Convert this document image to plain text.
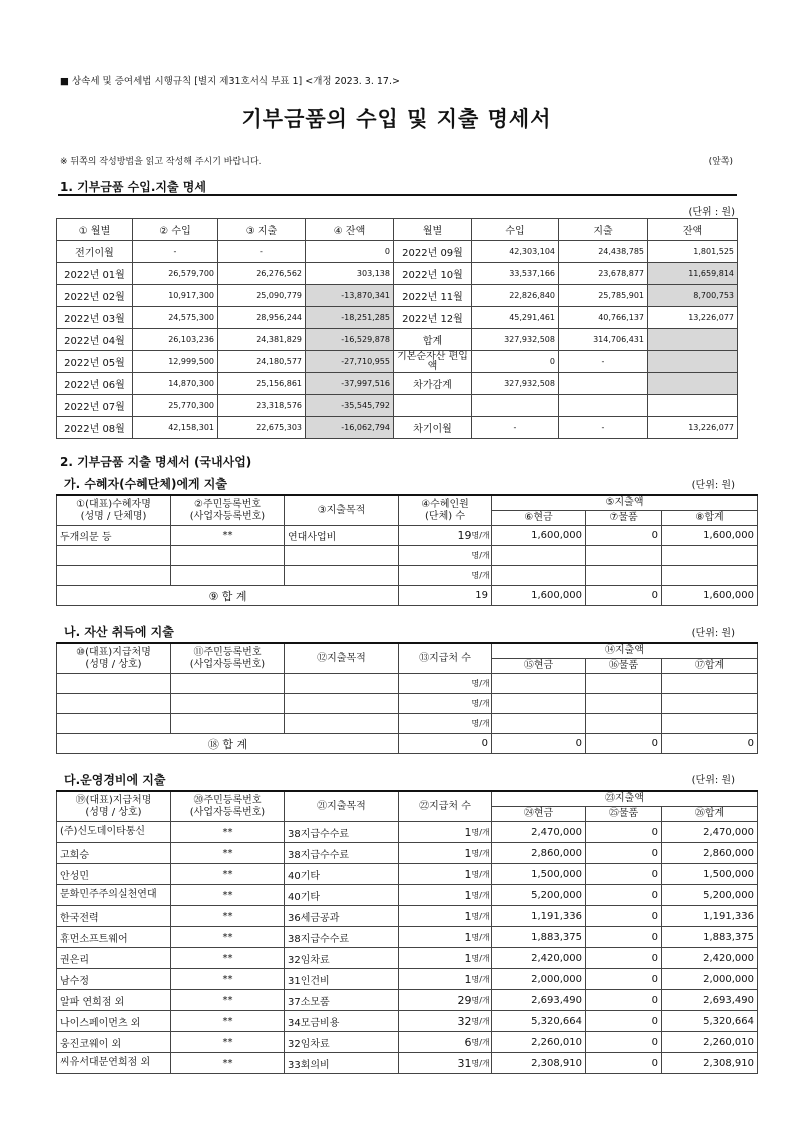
■ 상속세 및 증여세법 시행규칙 [별지 제31호서식 부표 1] <개정 2023. 3. 17.>
기부금품의 수입 및 지출 명세서
※ 뒤쪽의 작성방법을 읽고 작성해 주시기 바랍니다.	(앞쪽)
1. 기부금품 수입.지출 명세
(단위 : 원)
① 월별	② 수입	③ 지출	④ 잔액	월별	수입	지출	잔액
전기이월	-	-	0	2022년 09월	42,303,104	24,438,785	1,801,525
2022년 01월	26,579,700	26,276,562	303,138	2022년 10월	33,537,166	23,678,877	11,659,814
2022년 02월	10,917,300	25,090,779	-13,870,341	2022년 11월	22,826,840	25,785,901	8,700,753
2022년 03월	24,575,300	28,956,244	-18,251,285	2022년 12월	45,291,461	40,766,137	13,226,077
2022년 04월	26,103,236	24,381,829	-16,529,878	합계	327,932,508	314,706,431	
2022년 05월	12,999,500	24,180,577	-27,710,955	기본순자산 편입액	0	-	
2022년 06월	14,870,300	25,156,861	-37,997,516	차가감계	327,932,508		
2022년 07월	25,770,300	23,318,576	-35,545,792				
2022년 08월	42,158,301	22,675,303	-16,062,794	차기이월	-	-	13,226,077
2. 기부금품 지출 명세서 (국내사업)
가. 수혜자(수혜단체)에게 지출	(단위: 원)
①(대표)수혜자명
(성명 / 단체명)	②주민등록번호
(사업자등록번호)	③지출목적	④수혜인원
(단체) 수		⑤지출액		
					⑥현금	⑦물품	⑧합계
두개의문 등	**	연대사업비	19	명/개	1,600,000	0	1,600,000
				명/개			
				명/개			
⑨ 합 계			19		1,600,000	0	1,600,000
나. 자산 취득에 지출	(단위: 원)
⑩(대표)지급처명
(성명 / 상호)	⑪주민등록번호
(사업자등록번호)	⑫지출목적	⑬지급처 수		⑭지출액		
					⑮현금	⑯물품	⑰합계
				명/개			
				명/개			
				명/개			
⑱ 합 계			0		0	0	0
다.운영경비에 지출	(단위: 원)
⑲(대표)지급처명
(성명 / 상호)	⑳주민등록번호
(사업자등록번호)	㉑지출목적	㉒지급처 수		㉓지출액		
					㉔현금	㉕물품	㉖합계
(주)신도데이타통신	**	38지급수수료	1	명/개	2,470,000	0	2,470,000
고희승	**	38지급수수료	1	명/개	2,860,000	0	2,860,000
안성민	**	40기타	1	명/개	1,500,000	0	1,500,000
문화민주주의실천연대	**	40기타	1	명/개	5,200,000	0	5,200,000
한국전력	**	36세금공과	1	명/개	1,191,336	0	1,191,336
휴먼소프트웨어	**	38지급수수료	1	명/개	1,883,375	0	1,883,375
권은리	**	32임차료	1	명/개	2,420,000	0	2,420,000
남수정	**	31인건비	1	명/개	2,000,000	0	2,000,000
알파 연희점 외	**	37소모품	29	명/개	2,693,490	0	2,693,490
나이스페이먼츠 외	**	34모금비용	32	명/개	5,320,664	0	5,320,664
웅진코웨이 외	**	32임차료	6	명/개	2,260,010	0	2,260,010
씨유서대문연희점 외	**	33회의비	31	명/개	2,308,910	0	2,308,910
